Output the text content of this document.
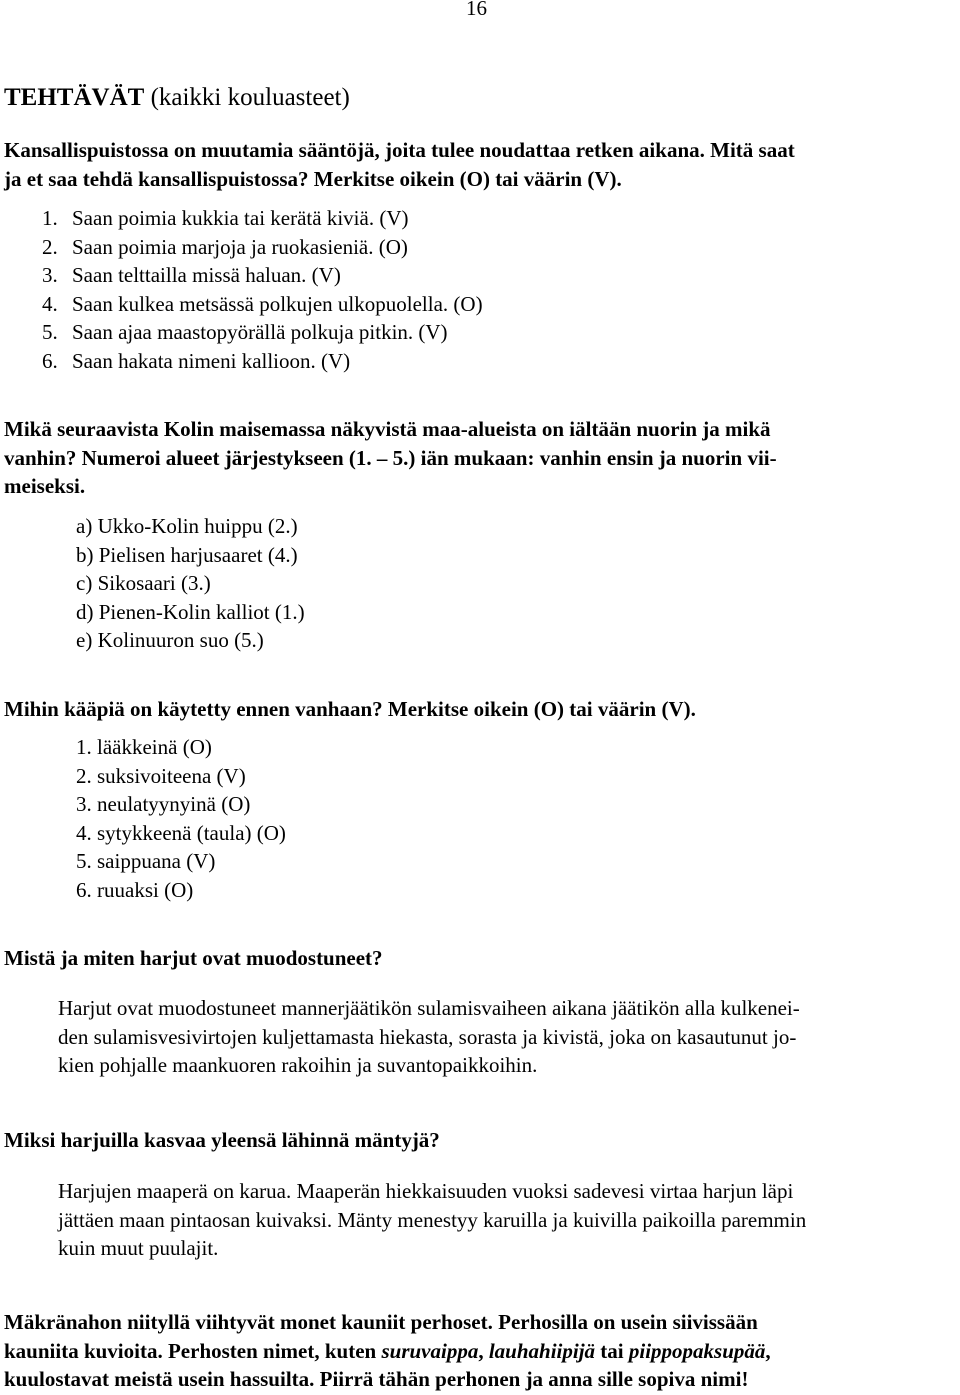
16
TEHTÄVÄT (kaikki kouluasteet)
Kansallispuistossa on muutamia sääntöjä, joita tulee noudattaa retken aikana. Mitä saat
ja et saa tehdä kansallispuistossa? Merkitse oikein (O) tai väärin (V).
1. Saan poimia kukkia tai kerätä kiviä. (V)
2. Saan poimia marjoja ja ruokasieniä. (O)
3. Saan telttailla missä haluan. (V)
4. Saan kulkea metsässä polkujen ulkopuolella. (O)
5. Saan ajaa maastopyörällä polkuja pitkin. (V)
6. Saan hakata nimeni kallioon. (V)
Mikä seuraavista Kolin maisemassa näkyvistä maa-alueista on iältään nuorin ja mikä
vanhin? Numeroi alueet järjestykseen (1. – 5.) iän mukaan: vanhin ensin ja nuorin vii-
meiseksi.
a) Ukko-Kolin huippu (2.)
b) Pielisen harjusaaret (4.)
c) Sikosaari (3.)
d) Pienen-Kolin kalliot (1.)
e) Kolinuuron suo (5.)
Mihin kääpiä on käytetty ennen vanhaan? Merkitse oikein (O) tai väärin (V).
1. lääkkeinä (O)
2. suksivoiteena (V)
3. neulatyynyinä (O)
4. sytykkeenä (taula) (O)
5. saippuana (V)
6. ruuaksi (O)
Mistä ja miten harjut ovat muodostuneet?
Harjut ovat muodostuneet mannerjäätikön sulamisvaiheen aikana jäätikön alla kulkenei-
den sulamisvesivirtojen kuljettamasta hiekasta, sorasta ja kivistä, joka on kasautunut jo-
kien pohjalle maankuoren rakoihin ja suvantopaikkoihin.
Miksi harjuilla kasvaa yleensä lähinnä mäntyjä?
Harjujen maaperä on karua. Maaperän hiekkaisuuden vuoksi sadevesi virtaa harjun läpi
jättäen maan pintaosan kuivaksi. Mänty menestyy karuilla ja kuivilla paikoilla paremmin
kuin muut puulajit.
Mäkränahon niityllä viihtyvät monet kauniit perhoset. Perhosilla on usein siivissään
kauniita kuvioita. Perhosten nimet, kuten suruvaippa, lauhahiipijä tai piippopaksupää,
kuulostavat meistä usein hassuilta. Piirrä tähän perhonen ja anna sille sopiva nimi!
